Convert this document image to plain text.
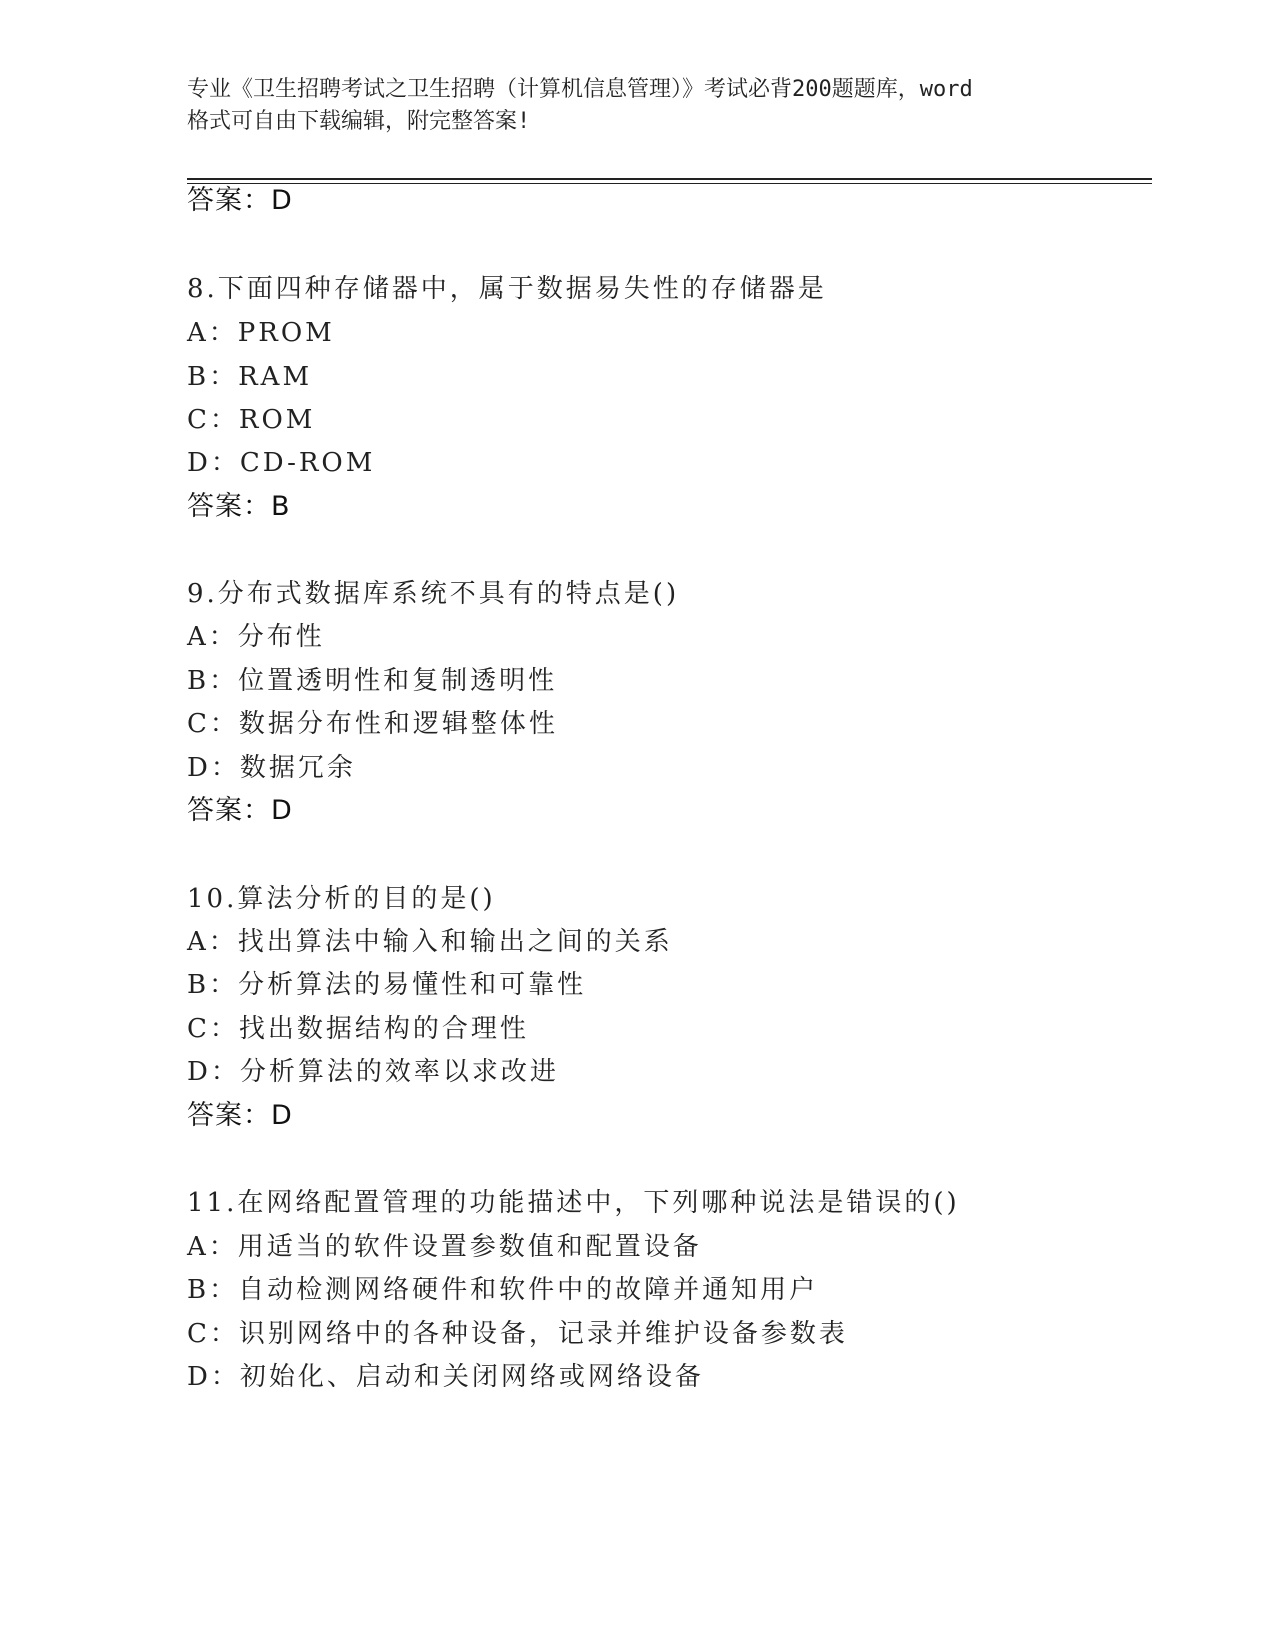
专业《卫生招聘考试之卫生招聘（计算机信息管理）》考试必背200题题库，word
格式可自由下载编辑，附完整答案!
答案：D
8.下面四种存储器中，属于数据易失性的存储器是
A：PROM
B：RAM
C：ROM
D：CD-ROM
答案：B
9.分布式数据库系统不具有的特点是()
A：分布性
B：位置透明性和复制透明性
C：数据分布性和逻辑整体性
D：数据冗余
答案：D
10.算法分析的目的是()
A：找出算法中输入和输出之间的关系
B：分析算法的易懂性和可靠性
C：找出数据结构的合理性
D：分析算法的效率以求改进
答案：D
11.在网络配置管理的功能描述中，下列哪种说法是错误的()
A：用适当的软件设置参数值和配置设备
B：自动检测网络硬件和软件中的故障并通知用户
C：识别网络中的各种设备，记录并维护设备参数表
D：初始化、启动和关闭网络或网络设备
